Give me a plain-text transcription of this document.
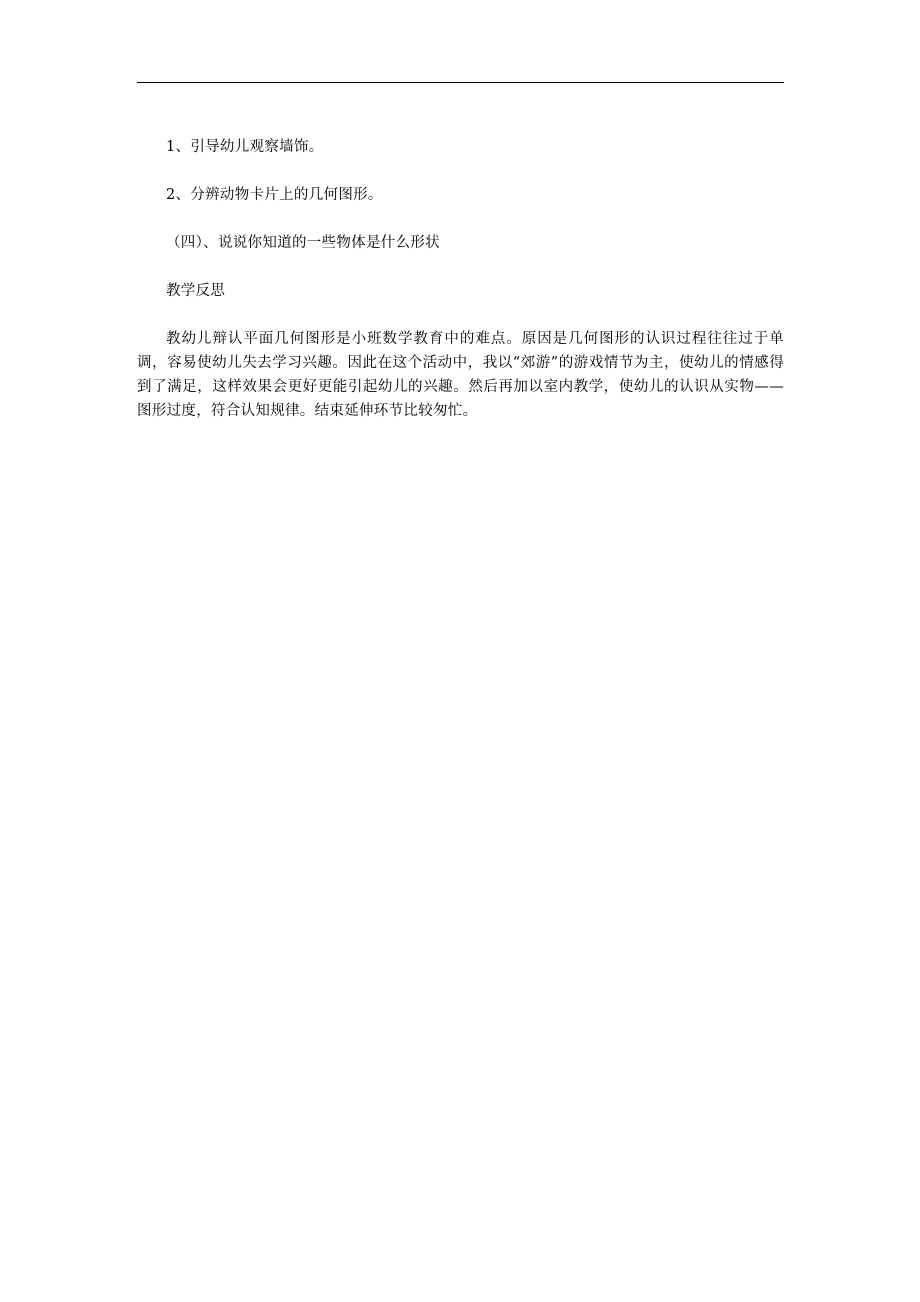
1、引导幼儿观察墙饰。

2、分辨动物卡片上的几何图形。

（四）、说说你知道的一些物体是什么形状

教学反思

教幼儿辩认平面几何图形是小班数学教育中的难点。原因是几何图形的认识过程往往过于单调，容易使幼儿失去学习兴趣。因此在这个活动中，我以“郊游”的游戏情节为主，使幼儿的情感得到了满足，这样效果会更好更能引起幼儿的兴趣。然后再加以室内教学，使幼儿的认识从实物——图形过度，符合认知规律。结束延伸环节比较匆忙。
